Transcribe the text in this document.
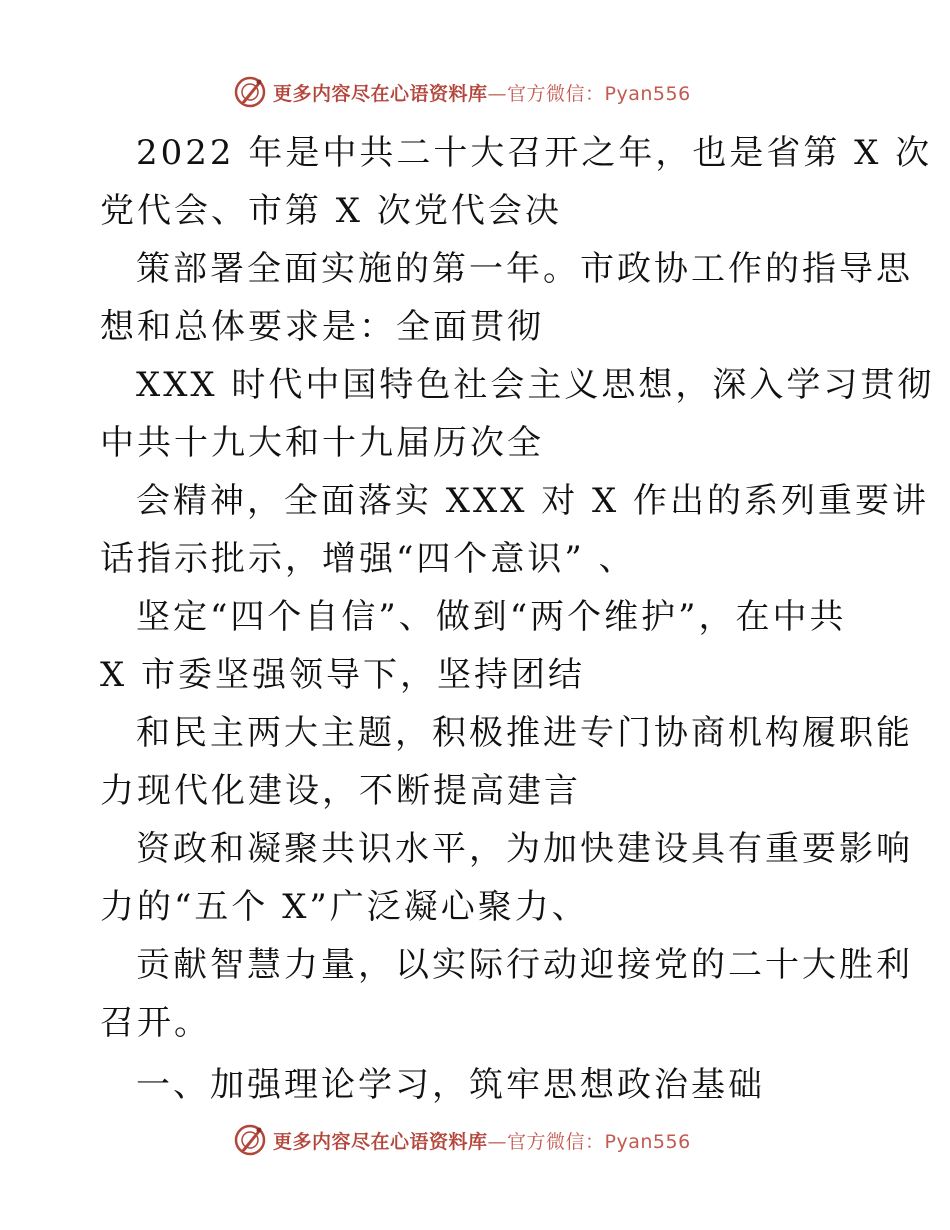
更多内容尽在心语资料库—官方微信：Pyan556
2022 年是中共二十大召开之年，也是省第 X 次
党代会、市第 X 次党代会决
策部署全面实施的第一年。市政协工作的指导思
想和总体要求是：全面贯彻
XXX 时代中国特色社会主义思想，深入学习贯彻
中共十九大和十九届历次全
会精神，全面落实 XXX 对 X 作出的系列重要讲
话指示批示，增强“四个意识” 、
坚定“四个自信”、做到“两个维护”，在中共
X 市委坚强领导下，坚持团结
和民主两大主题，积极推进专门协商机构履职能
力现代化建设，不断提高建言
资政和凝聚共识水平，为加快建设具有重要影响
力的“五个 X”广泛凝心聚力、
贡献智慧力量，以实际行动迎接党的二十大胜利
召开。
一、加强理论学习，筑牢思想政治基础
更多内容尽在心语资料库—官方微信：Pyan556
